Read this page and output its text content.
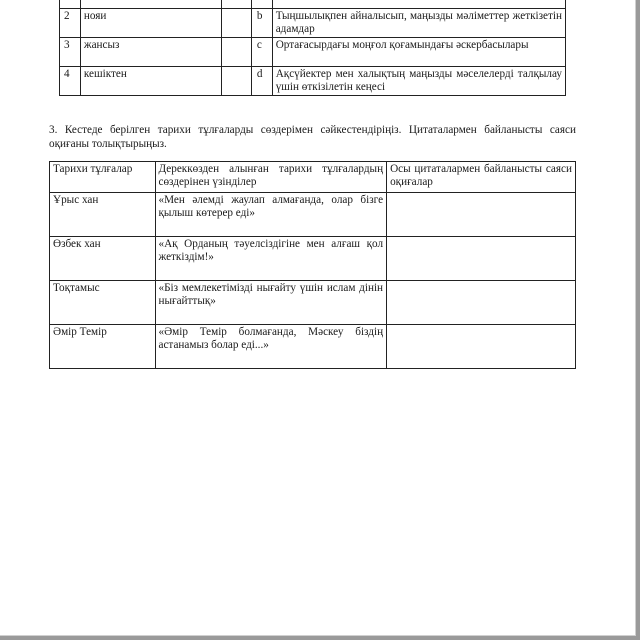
2	нояи		b	Тыңшылықпен айналысып, маңызды мәліметтер жеткізетін адамдар
3	жансыз		c	Ортағасырдағы моңғол қоғамындағы әскербасылары
4	кешіктен		d	Ақсүйектер мен халықтың маңызды мәселелерді талқылау үшін өткізілетін кеңесі
3. Кестеде берілген тарихи тұлғаларды сөздерімен сәйкестендіріңіз. Цитаталармен байланысты саяси оқиғаны толықтырыңыз.
Тарихи тұлғалар	Дереккөзден алынған тарихи тұлғалардың сөздерінен үзінділер	Осы цитаталармен байланысты саяси оқиғалар
Ұрыс хан	«Мен әлемді жаулап алмағанда, олар бізге қылыш көтерер еді»	
Өзбек хан	«Ақ Орданың тәуелсіздігіне мен алғаш қол жеткіздім!»	
Тоқтамыс	«Біз мемлекетімізді нығайту үшін ислам дінін нығайттық»	
Әмір Темір	«Әмір Темір болмағанда, Мәскеу біздің астанамыз болар еді...»	
